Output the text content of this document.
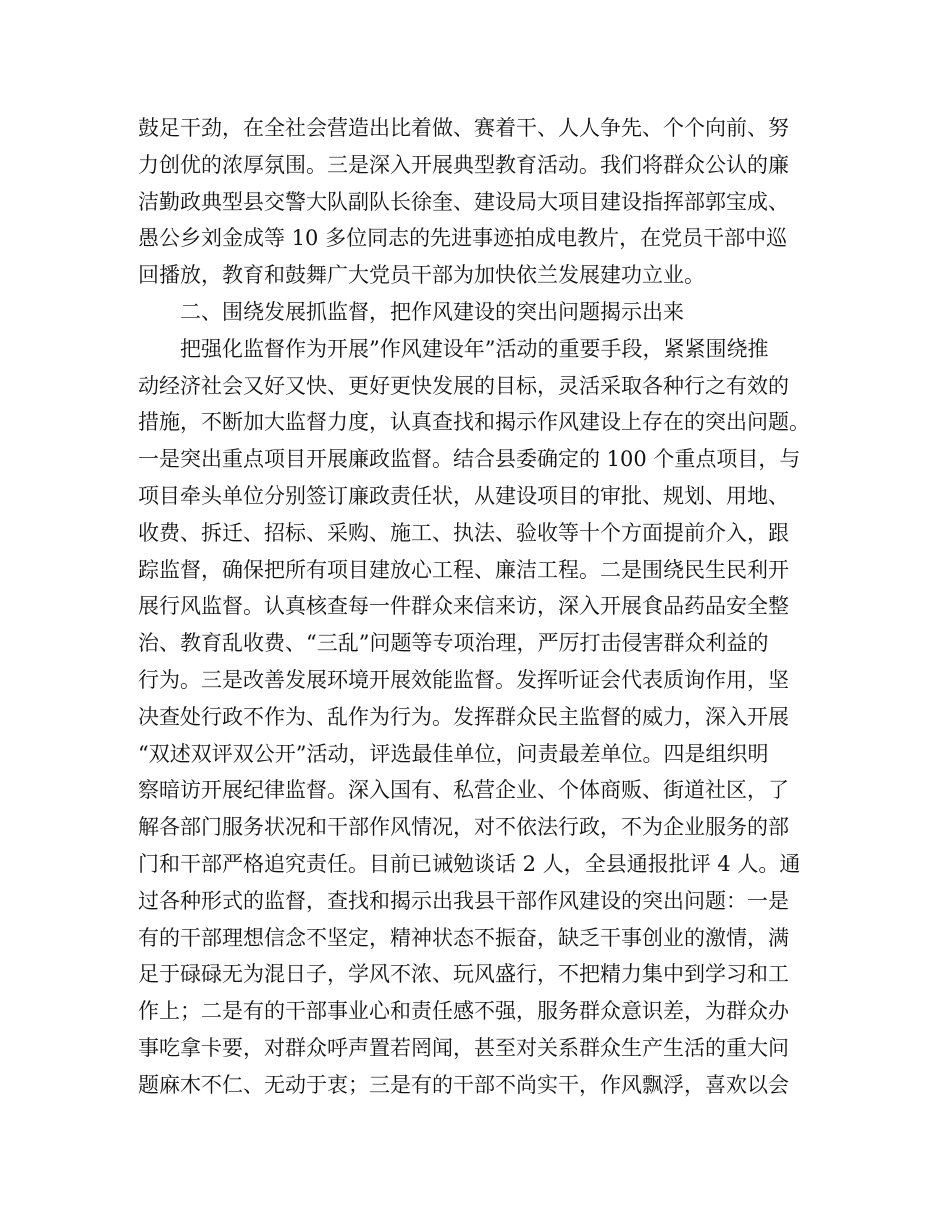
鼓足干劲，在全社会营造出比着做、赛着干、人人争先、个个向前、努
力创优的浓厚氛围。三是深入开展典型教育活动。我们将群众公认的廉
洁勤政典型县交警大队副队长徐奎、建设局大项目建设指挥部郭宝成、
愚公乡刘金成等 10 多位同志的先进事迹拍成电教片，在党员干部中巡
回播放，教育和鼓舞广大党员干部为加快依兰发展建功立业。
二、围绕发展抓监督，把作风建设的突出问题揭示出来
把强化监督作为开展”作风建设年”活动的重要手段，紧紧围绕推
动经济社会又好又快、更好更快发展的目标，灵活采取各种行之有效的
措施，不断加大监督力度，认真查找和揭示作风建设上存在的突出问题。
一是突出重点项目开展廉政监督。结合县委确定的 100 个重点项目，与
项目牵头单位分别签订廉政责任状，从建设项目的审批、规划、用地、
收费、拆迁、招标、采购、施工、执法、验收等十个方面提前介入，跟
踪监督，确保把所有项目建放心工程、廉洁工程。二是围绕民生民利开
展行风监督。认真核查每一件群众来信来访，深入开展食品药品安全整
治、教育乱收费、“三乱”问题等专项治理，严厉打击侵害群众利益的
行为。三是改善发展环境开展效能监督。发挥听证会代表质询作用，坚
决查处行政不作为、乱作为行为。发挥群众民主监督的威力，深入开展
“双述双评双公开”活动，评选最佳单位，问责最差单位。四是组织明
察暗访开展纪律监督。深入国有、私营企业、个体商贩、街道社区，了
解各部门服务状况和干部作风情况，对不依法行政，不为企业服务的部
门和干部严格追究责任。目前已诫勉谈话 2 人，全县通报批评 4 人。通
过各种形式的监督，查找和揭示出我县干部作风建设的突出问题：一是
有的干部理想信念不坚定，精神状态不振奋，缺乏干事创业的激情，满
足于碌碌无为混日子，学风不浓、玩风盛行，不把精力集中到学习和工
作上；二是有的干部事业心和责任感不强，服务群众意识差，为群众办
事吃拿卡要，对群众呼声置若罔闻，甚至对关系群众生产生活的重大问
题麻木不仁、无动于衷；三是有的干部不尚实干，作风飘浮，喜欢以会
